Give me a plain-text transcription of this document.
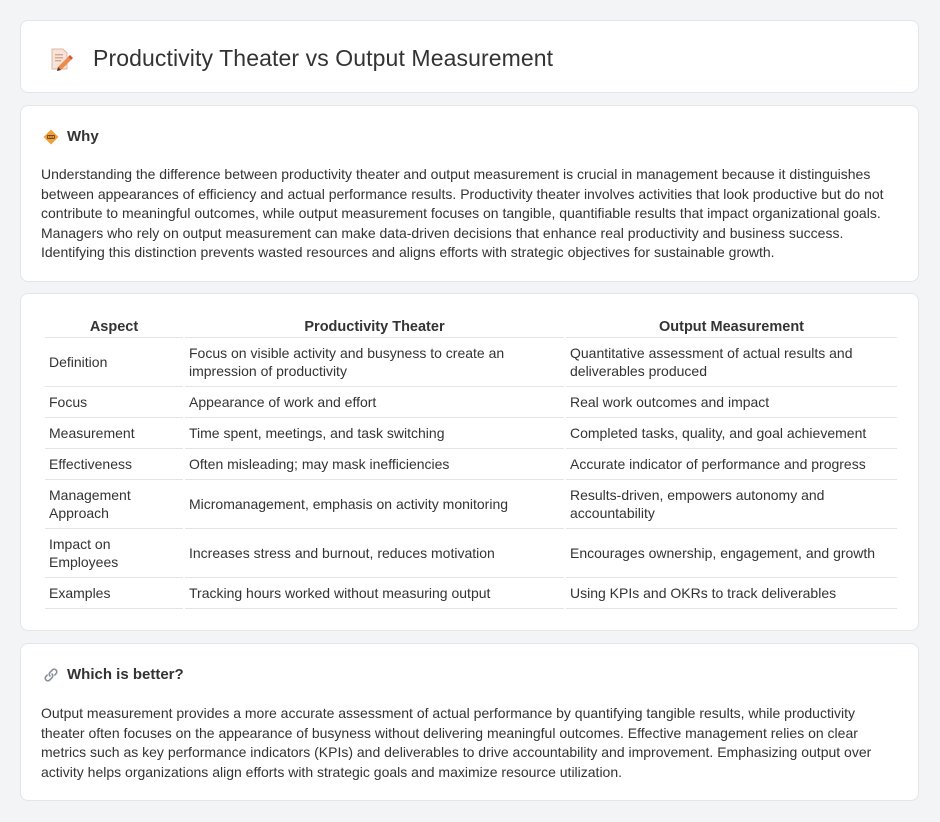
Productivity Theater vs Output Measurement
Why

Understanding the difference between productivity theater and output measurement is crucial in management because it distinguishes between appearances of efficiency and actual performance results. Productivity theater involves activities that look productive but do not contribute to meaningful outcomes, while output measurement focuses on tangible, quantifiable results that impact organizational goals. Managers who rely on output measurement can make data-driven decisions that enhance real productivity and business success. Identifying this distinction prevents wasted resources and aligns efforts with strategic objectives for sustainable growth.

Aspect	Productivity Theater	Output Measurement
Definition	Focus on visible activity and busyness to create an impression of productivity	Quantitative assessment of actual results and deliverables produced
Focus	Appearance of work and effort	Real work outcomes and impact
Measurement	Time spent, meetings, and task switching	Completed tasks, quality, and goal achievement
Effectiveness	Often misleading; may mask inefficiencies	Accurate indicator of performance and progress
Management Approach	Micromanagement, emphasis on activity monitoring	Results-driven, empowers autonomy and accountability
Impact on Employees	Increases stress and burnout, reduces motivation	Encourages ownership, engagement, and growth
Examples	Tracking hours worked without measuring output	Using KPIs and OKRs to track deliverables
Which is better?

Output measurement provides a more accurate assessment of actual performance by quantifying tangible results, while productivity theater often focuses on the appearance of busyness without delivering meaningful outcomes. Effective management relies on clear metrics such as key performance indicators (KPIs) and deliverables to drive accountability and improvement. Emphasizing output over activity helps organizations align efforts with strategic goals and maximize resource utilization.
